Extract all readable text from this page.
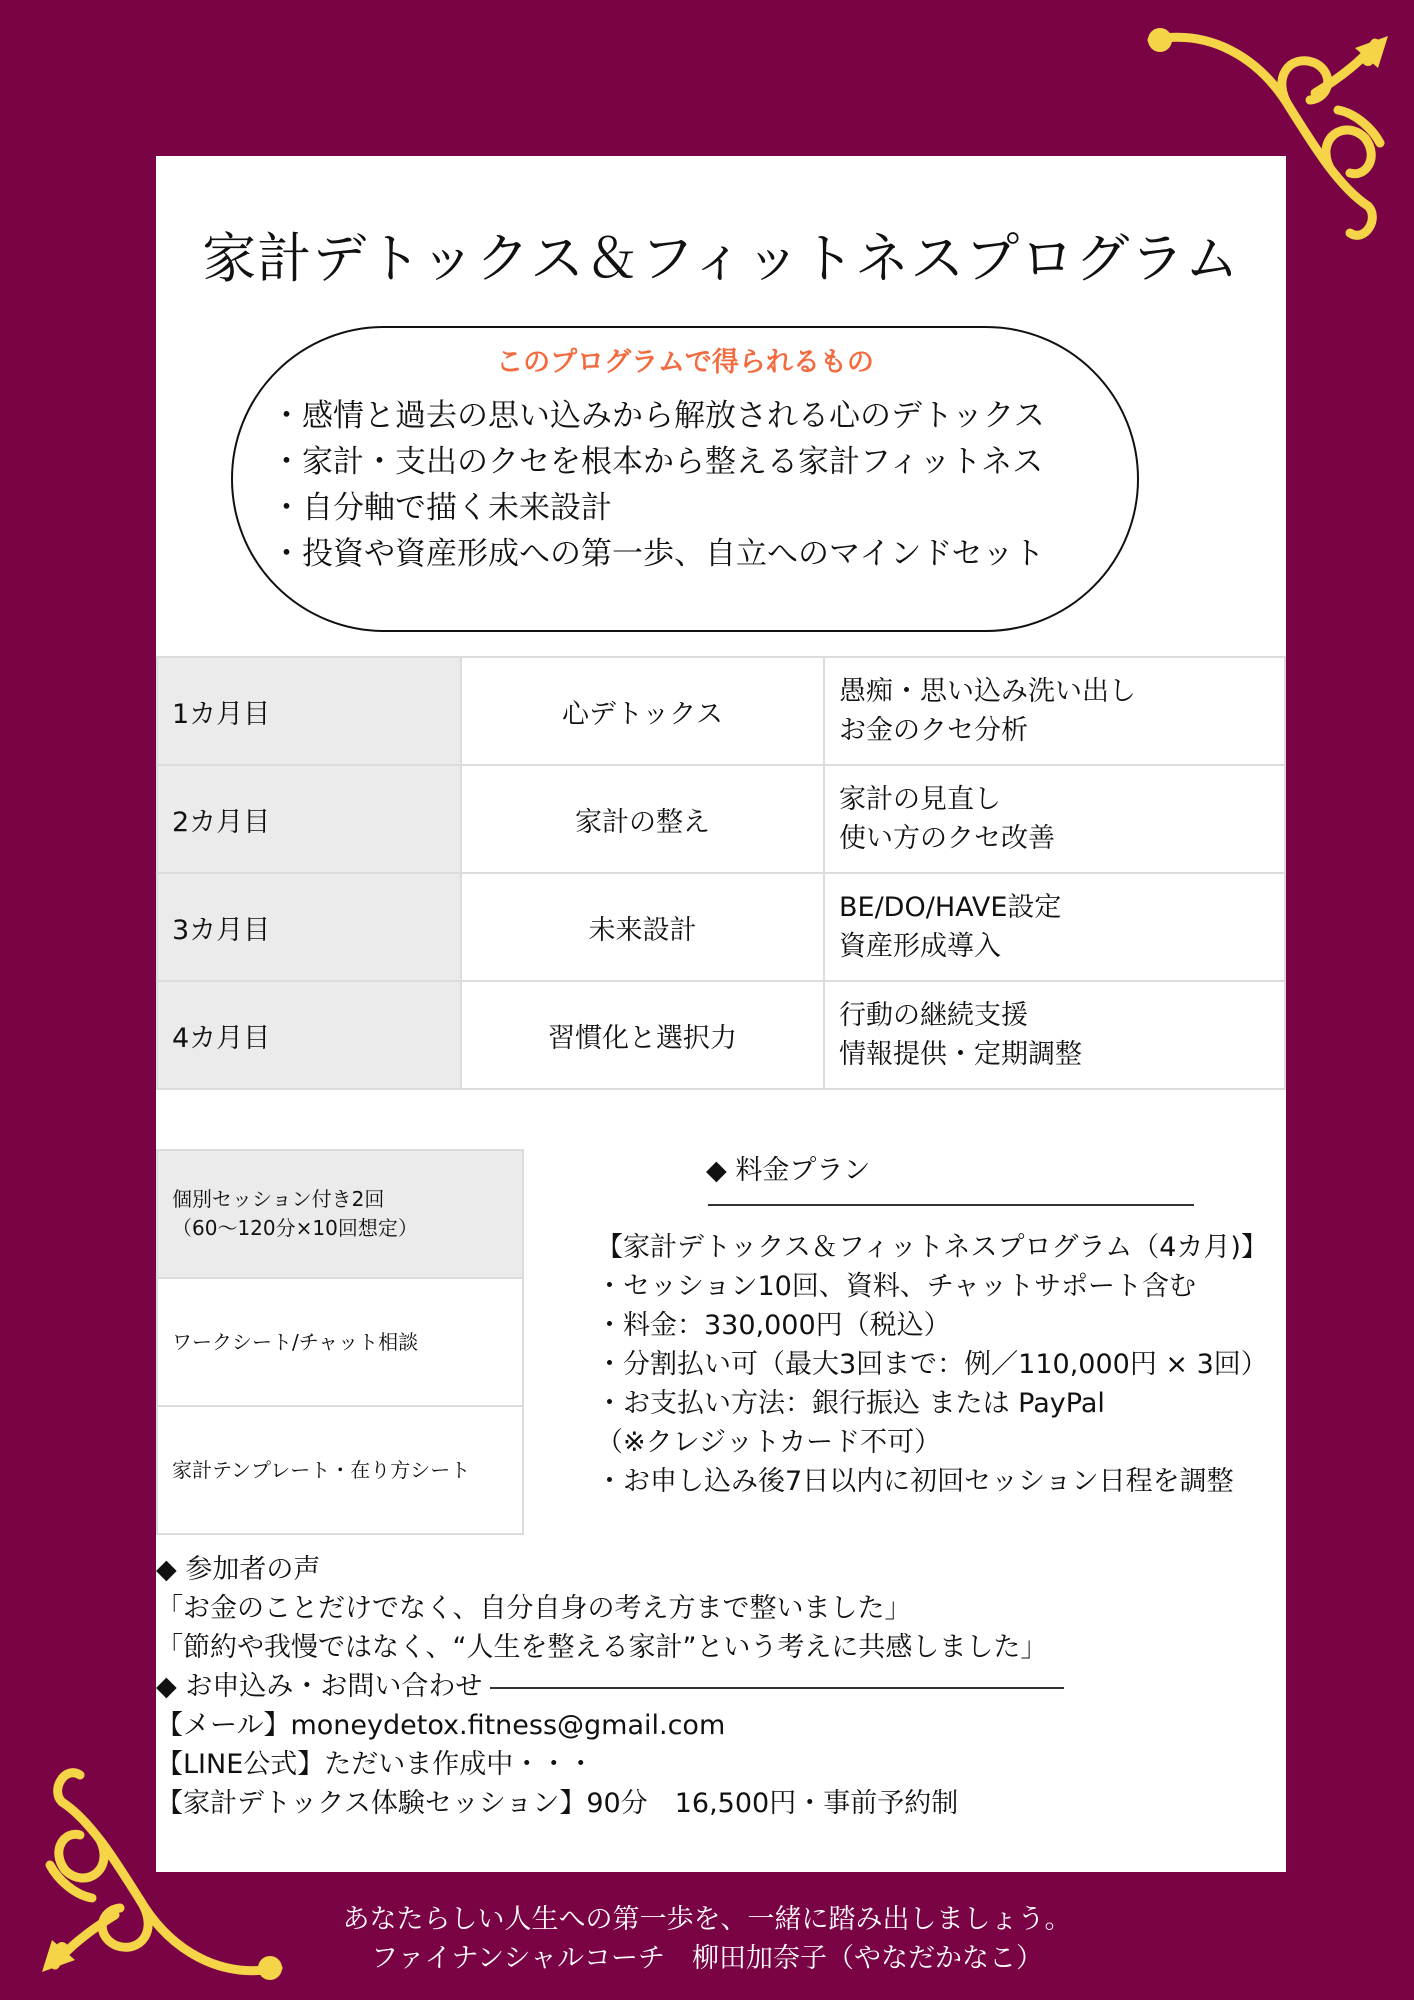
家計デトックス＆フィットネスプログラム
このプログラムで得られるもの
・感情と過去の思い込みから解放される心のデトックス
・家計・支出のクセを根本から整える家計フィットネス
・自分軸で描く未来設計
・投資や資産形成への第一歩、自立へのマインドセット
1カ月目	心デトックス	愚痴・思い込み洗い出し
お金のクセ分析

2カ月目	家計の整え	家計の見直し
使い方のクセ改善

3カ月目	未来設計	BE/DO/HAVE設定
資産形成導入

4カ月目	習慣化と選択力	行動の継続支援
情報提供・定期調整
個別セッション付き2回
（60〜120分×10回想定）

ワークシート/チャット相談

家計テンプレート・在り方シート
◆ 料金プラン
【家計デトックス＆フィットネスプログラム（4カ月)】
・セッション10回、資料、チャットサポート含む
・料金：330,000円（税込）
・分割払い可（最大3回まで：例／110,000円 × 3回）
・お支払い方法：銀行振込 または PayPal
（※クレジットカード不可）
・お申し込み後7日以内に初回セッション日程を調整
◆ 参加者の声
「お金のことだけでなく、自分自身の考え方まで整いました」
「節約や我慢ではなく、“人生を整える家計”という考えに共感しました」
◆ お申込み・お問い合わせ
【メール】moneydetox.fitness@gmail.com
【LINE公式】ただいま作成中・・・
【家計デトックス体験セッション】90分　16,500円・事前予約制
あなたらしい人生への第一歩を、一緒に踏み出しましょう。
ファイナンシャルコーチ　柳田加奈子（やなだかなこ）
